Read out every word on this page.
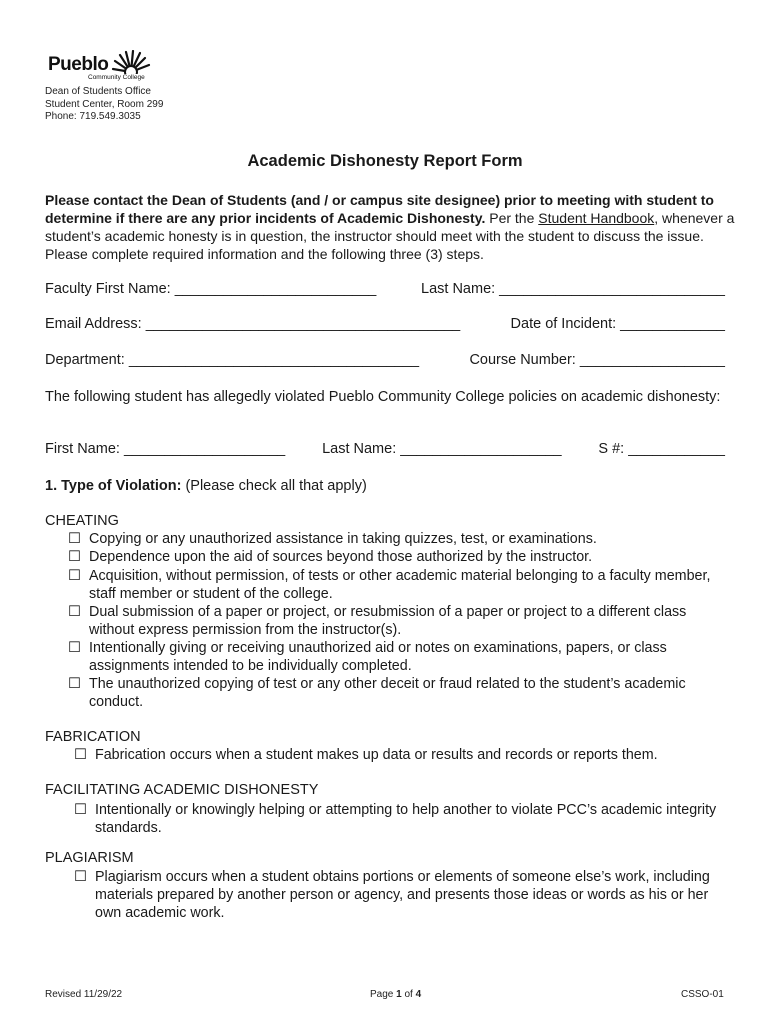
Pueblo
Community College
Dean of Students Office
Student Center, Room 299
Phone: 719.549.3035
Academic Dishonesty Report Form
Please contact the Dean of Students (and / or campus site designee) prior to meeting with student to determine if there are any prior incidents of Academic Dishonesty. Per the Student Handbook, whenever a student’s academic honesty is in question, the instructor should meet with the student to discuss the issue. Please complete required information and the following three (3) steps.
Faculty First Name: _________________________	Last Name: ____________________________
Email Address: _______________________________________	Date of Incident: _____________
Department: ____________________________________	Course Number: __________________
The following student has allegedly violated Pueblo Community College policies on academic dishonesty:
First Name: ____________________	Last Name: ____________________	S #: ____________
1. Type of Violation: (Please check all that apply)
CHEATING
☐ Copying or any unauthorized assistance in taking quizzes, test, or examinations.
☐ Dependence upon the aid of sources beyond those authorized by the instructor.
☐ Acquisition, without permission, of tests or other academic material belonging to a faculty member, staff member or student of the college.
☐ Dual submission of a paper or project, or resubmission of a paper or project to a different class without express permission from the instructor(s).
☐ Intentionally giving or receiving unauthorized aid or notes on examinations, papers, or class assignments intended to be individually completed.
☐ The unauthorized copying of test or any other deceit or fraud related to the student’s academic conduct.
FABRICATION
☐ Fabrication occurs when a student makes up data or results and records or reports them.
FACILITATING ACADEMIC DISHONESTY
☐ Intentionally or knowingly helping or attempting to help another to violate PCC’s academic integrity standards.
PLAGIARISM
☐ Plagiarism occurs when a student obtains portions or elements of someone else’s work, including materials prepared by another person or agency, and presents those ideas or words as his or her own academic work.
Revised 11/29/22	Page 1 of 4	CSSO-01
